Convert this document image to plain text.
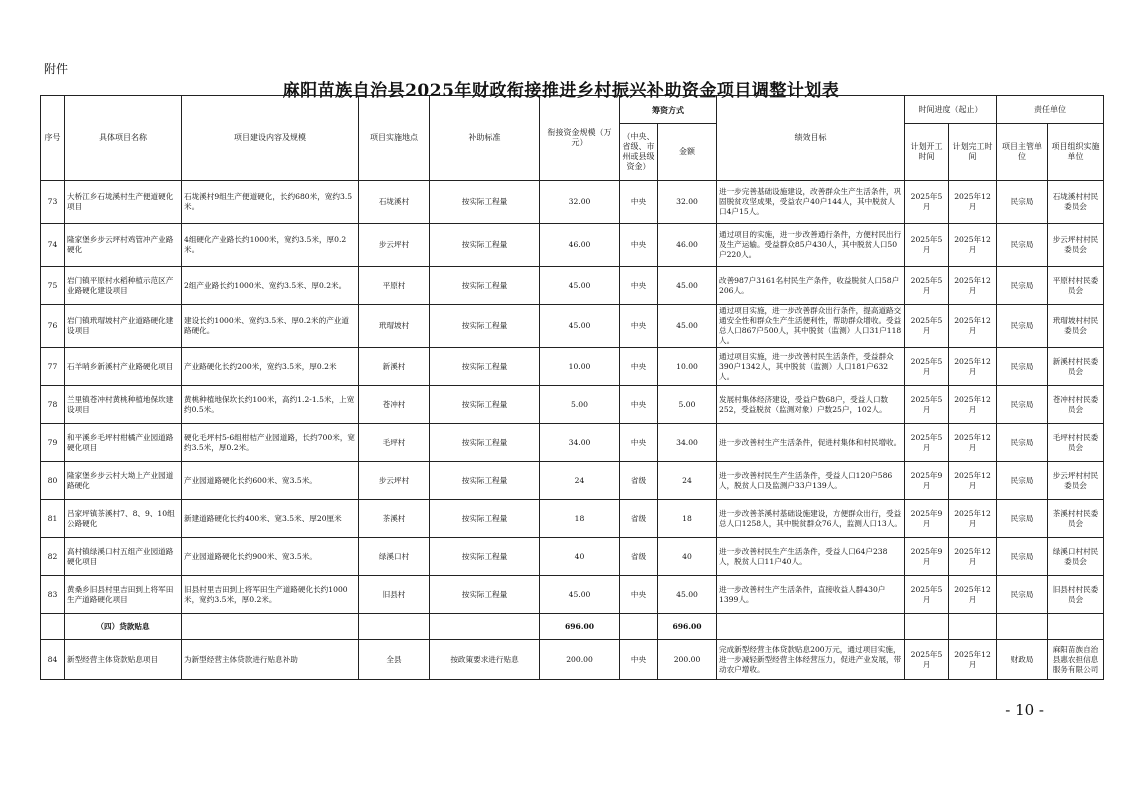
附件
麻阳苗族自治县2025年财政衔接推进乡村振兴补助资金项目调整计划表
序号	具体项目名称	项目建设内容及规模	项目实施地点	补助标准	衔接资金规模（万元）	筹资方式		绩效目标	时间进度（起止）		责任单位	
						（中央、省级、市州或县级资金）	金额		计划开工时间	计划完工时间	项目主管单位	项目组织实施单位

73	大桥江乡石垅溪村生产便道硬化项目	石垅溪村9组生产便道硬化，长约680米，宽约3.5米。	石垅溪村	按实际工程量	32.00	中央	32.00	进一步完善基础设施建设，改善群众生产生活条件，巩固脱贫攻坚成果，受益农户40户144人，其中脱贫人口4户15人。	2025年5月	2025年12月	民宗局	石垅溪村村民委员会
74	隆家堡乡步云坪村鸡管冲产业路硬化	4组硬化产业路长约1000米，宽约3.5米，厚0.2米。	步云坪村	按实际工程量	46.00	中央	46.00	通过项目的实施，进一步改善通行条件，方便村民出行及生产运输。受益群众85户430人，其中脱贫人口50户220人。	2025年5月	2025年12月	民宗局	步云坪村村民委员会
75	岩门镇平原村水稻种植示范区产业路硬化建设项目	2组产业路长约1000米、宽约3.5米、厚0.2米。	平原村	按实际工程量	45.00	中央	45.00	改善987户3161名村民生产条件，收益脱贫人口58户206人。	2025年5月	2025年12月	民宗局	平原村村民委员会
76	岩门镇玳瑁坡村产业道路硬化建设项目	建设长约1000米、宽约3.5米、厚0.2米的产业道路硬化。	玳瑁坡村	按实际工程量	45.00	中央	45.00	通过项目实施，进一步改善群众出行条件，提高道路交通安全性和群众生产生活便利性，帮助群众增收。受益总人口867户500人，其中脱贫（监测）人口31户118人。	2025年5月	2025年12月	民宗局	玳瑁坡村村民委员会
77	石羊哨乡新溪村产业路硬化项目	产业路硬化长约200米，宽约3.5米，厚0.2米	新溪村	按实际工程量	10.00	中央	10.00	通过项目实施，进一步改善村民生活条件，受益群众390户1342人，其中脱贫（监测）人口181户632人。	2025年5月	2025年12月	民宗局	新溪村村民委员会
78	兰里镇苍冲村黄桃种植地保坎建设项目	黄桃种植地保坎长约100米，高约1.2-1.5米，上宽约0.5米。	苍冲村	按实际工程量	5.00	中央	5.00	发展村集体经济建设，受益户数68户，受益人口数252，受益脱贫（监测对象）户数25户，102人。	2025年5月	2025年12月	民宗局	苍冲村村民委员会
79	和平溪乡毛坪村柑橘产业园道路硬化项目	硬化毛坪村5-6组柑桔产业园道路，长约700米，宽约3.5米，厚0.2米。	毛坪村	按实际工程量	34.00	中央	34.00	进一步改善村生产生活条件，促进村集体和村民增收。	2025年5月	2025年12月	民宗局	毛坪村村民委员会
80	隆家堡乡步云村大坳上产业园道路硬化	产业园道路硬化长约600米、宽3.5米。	步云坪村	按实际工程量	24	省级	24	进一步改善村民生产生活条件，受益人口120户586人，脱贫人口及监测户33户139人。	2025年9月	2025年12月	民宗局	步云坪村村民委员会
81	吕家坪镇茶溪村7、8、9、10组公路硬化	新建道路硬化长约400米、宽3.5米、厚20厘米	茶溪村	按实际工程量	18	省级	18	进一步改善茶溪村基础设施建设，方便群众出行，受益总人口1258人，其中脱贫群众76人，监测人口13人。	2025年9月	2025年12月	民宗局	茶溪村村民委员会
82	高村镇绿溪口村五组产业园道路硬化项目	产业园道路硬化长约900米、宽3.5米。	绿溪口村	按实际工程量	40	省级	40	进一步改善村民生产生活条件，受益人口64户238人，脱贫人口11户40人。	2025年9月	2025年12月	民宗局	绿溪口村村民委员会
83	黄桑乡旧县村里吉田到上将军田生产道路硬化项目	旧县村里吉田到上将军田生产道路硬化长约1000米，宽约3.5米，厚0.2米。	旧县村	按实际工程量	45.00	中央	45.00	进一步改善村生产生活条件，直接收益人群430户1399人。	2025年5月	2025年12月	民宗局	旧县村村民委员会
	（四）贷款贴息				696.00		696.00					
84	新型经营主体贷款贴息项目	为新型经营主体贷款进行贴息补助	全县	按政策要求进行贴息	200.00	中央	200.00	完成新型经营主体贷款贴息200万元，通过项目实施，进一步减轻新型经营主体经营压力，促进产业发展，带动农户增收。	2025年5月	2025年12月	财政局	麻阳苗族自治县惠农担信息服务有限公司
- 10 -
